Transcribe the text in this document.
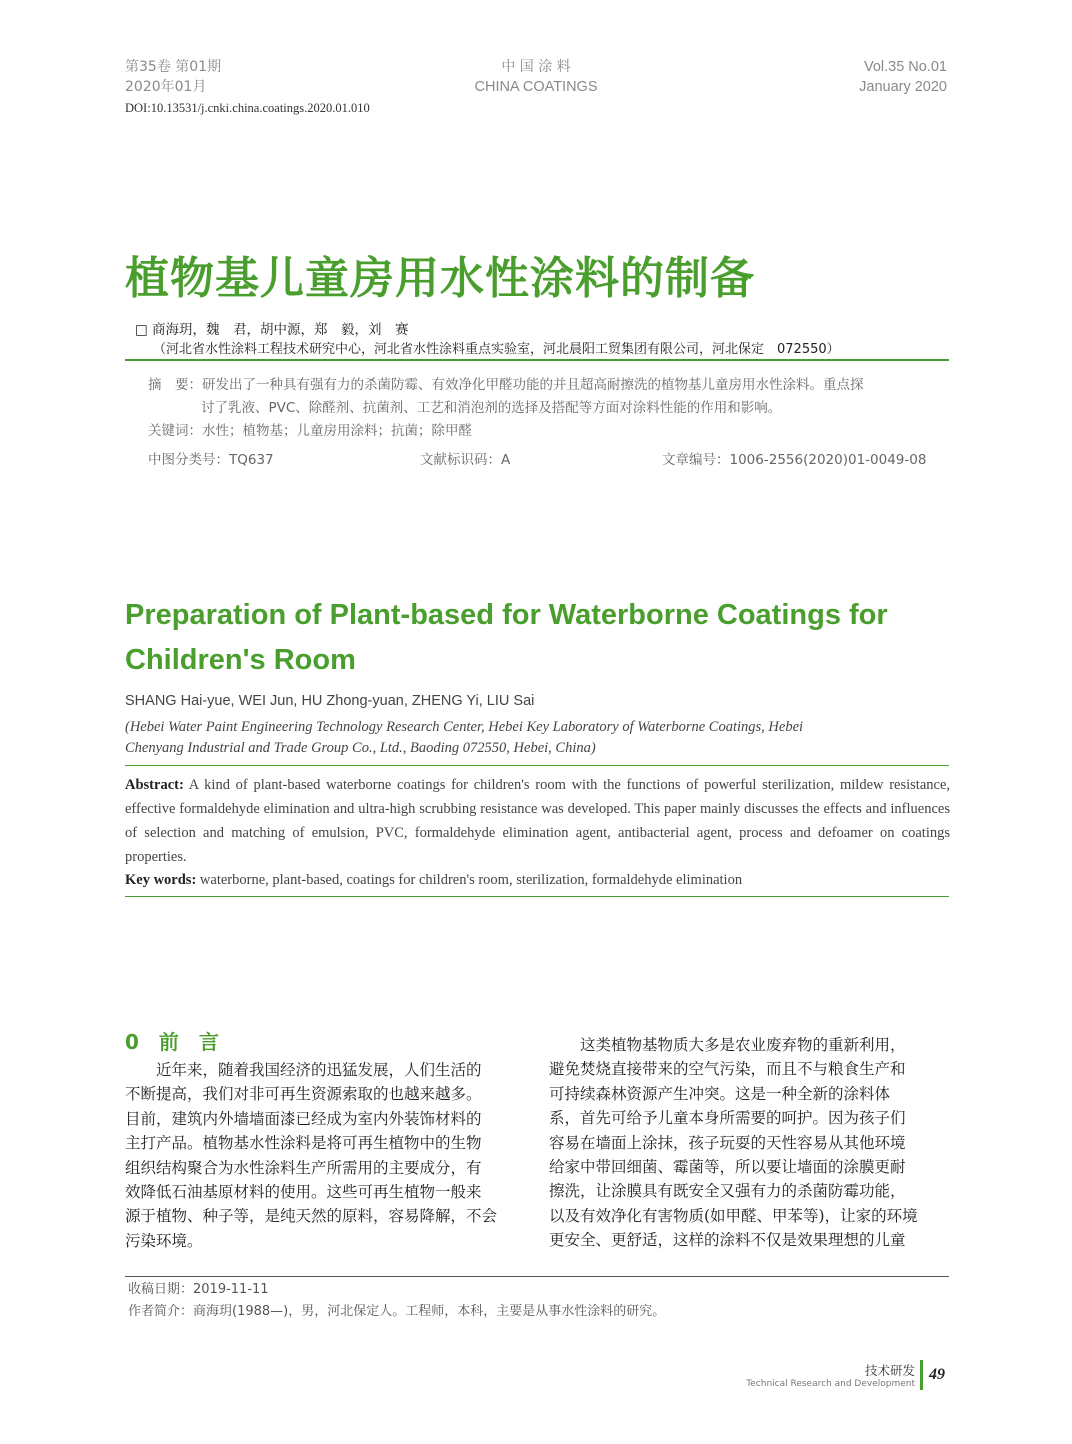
第35卷 第01期
2020年01月
中 国 涂 料
CHINA COATINGS
Vol.35 No.01
January 2020
DOI:10.13531/j.cnki.china.coatings.2020.01.010
植物基儿童房用水性涂料的制备
□ 商海玥，魏　君，胡中源，郑　毅，刘　赛
（河北省水性涂料工程技术研究中心，河北省水性涂料重点实验室，河北晨阳工贸集团有限公司，河北保定　072550）
摘　要：研发出了一种具有强有力的杀菌防霉、有效净化甲醛功能的并且超高耐擦洗的植物基儿童房用水性涂料。重点探
讨了乳液、PVC、除醛剂、抗菌剂、工艺和消泡剂的选择及搭配等方面对涂料性能的作用和影响。
关键词：水性；植物基；儿童房用涂料；抗菌；除甲醛
中图分类号：TQ637	文献标识码：A	文章编号：1006-2556(2020)01-0049-08
Preparation of Plant-based for Waterborne Coatings for
Children's Room
SHANG Hai-yue, WEI Jun, HU Zhong-yuan, ZHENG Yi, LIU Sai
(Hebei Water Paint Engineering Technology Research Center, Hebei Key Laboratory of Waterborne Coatings, Hebei
Chenyang Industrial and Trade Group Co., Ltd., Baoding 072550, Hebei, China)
Abstract: A kind of plant-based waterborne coatings for children's room with the functions of powerful sterilization, mildew resistance, effective formaldehyde elimination and ultra-high scrubbing resistance was developed. This paper mainly discusses the effects and influences of selection and matching of emulsion, PVC, formaldehyde elimination agent, antibacterial agent, process and defoamer on coatings properties.
Key words: waterborne, plant-based, coatings for children's room, sterilization, formaldehyde elimination
0　前　言
　　近年来，随着我国经济的迅猛发展，人们生活的
不断提高，我们对非可再生资源索取的也越来越多。
目前，建筑内外墙墙面漆已经成为室内外装饰材料的
主打产品。植物基水性涂料是将可再生植物中的生物
组织结构聚合为水性涂料生产所需用的主要成分，有
效降低石油基原材料的使用。这些可再生植物一般来
源于植物、种子等，是纯天然的原料，容易降解，不会
污染环境。
　　这类植物基物质大多是农业废弃物的重新利用，
避免焚烧直接带来的空气污染，而且不与粮食生产和
可持续森林资源产生冲突。这是一种全新的涂料体
系，首先可给予儿童本身所需要的呵护。因为孩子们
容易在墙面上涂抹，孩子玩耍的天性容易从其他环境
给家中带回细菌、霉菌等，所以要让墙面的涂膜更耐
擦洗，让涂膜具有既安全又强有力的杀菌防霉功能，
以及有效净化有害物质(如甲醛、甲苯等)，让家的环境
更安全、更舒适，这样的涂料不仅是效果理想的儿童
收稿日期：2019-11-11
作者简介：商海玥(1988—)，男，河北保定人。工程师，本科，主要是从事水性涂料的研究。
技术研发
Technical Research and Development
49
